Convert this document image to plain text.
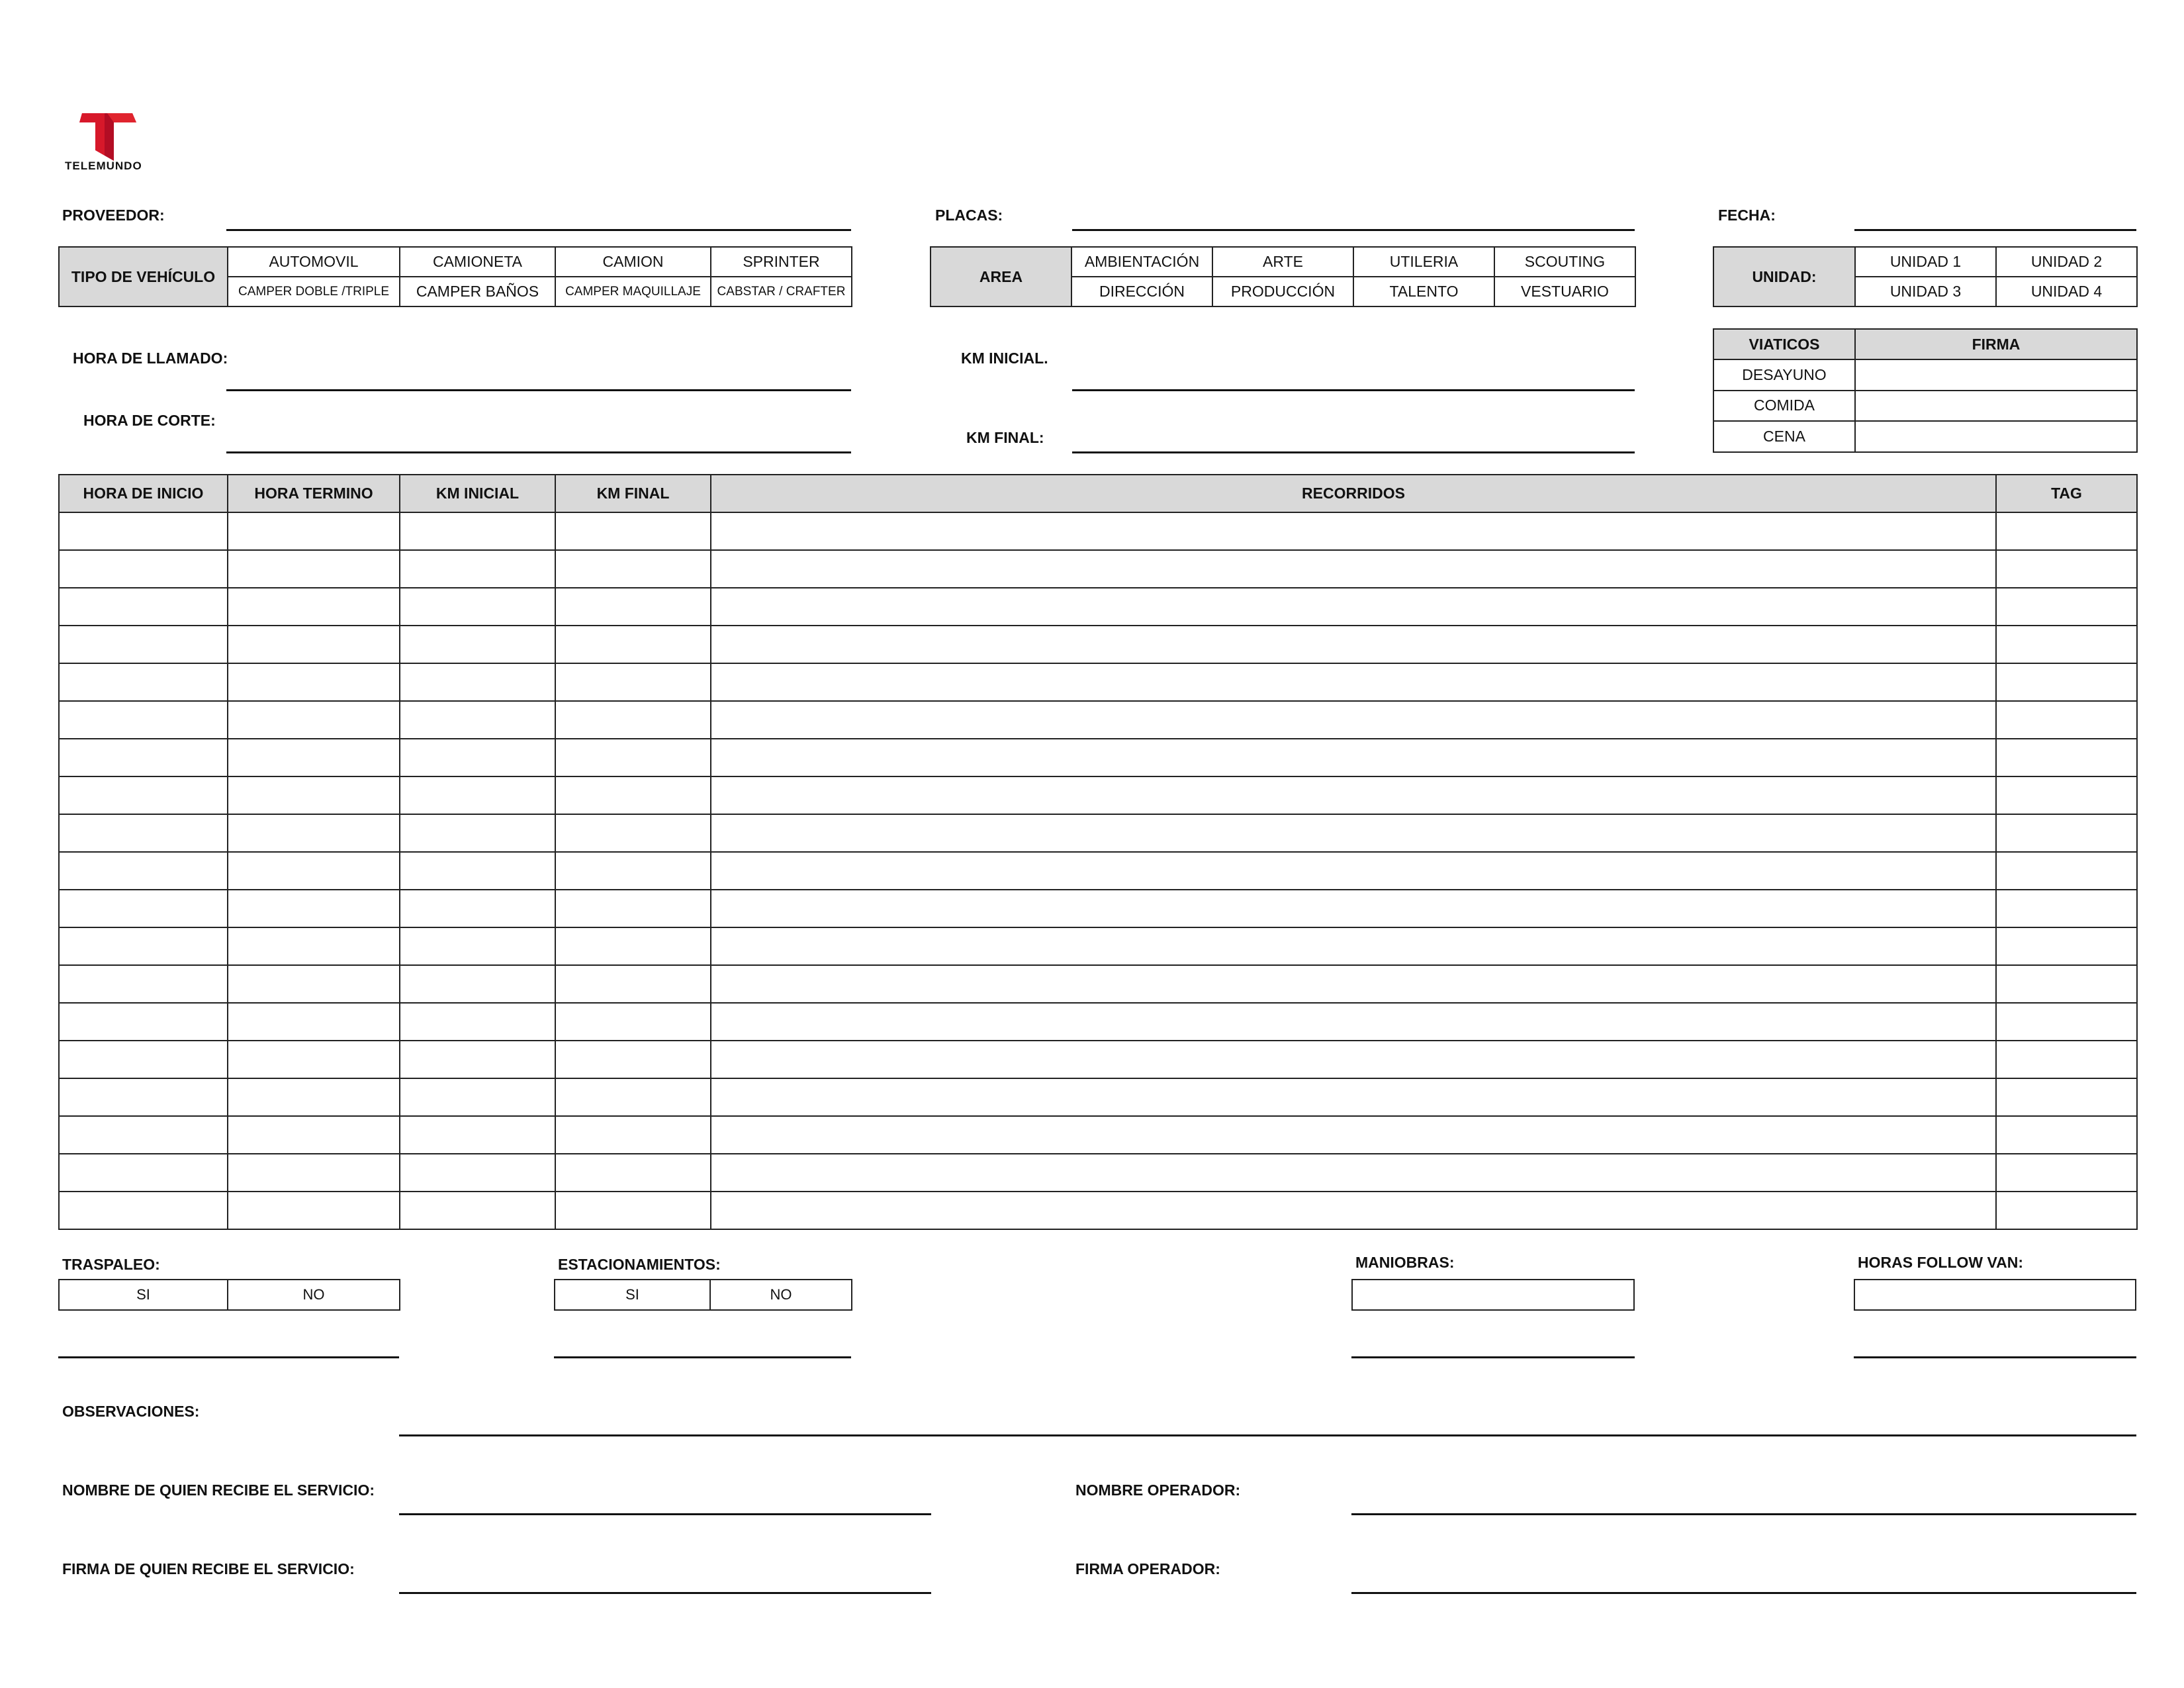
TELEMUNDO
PROVEEDOR:	PLACAS:	FECHA:
TIPO DE VEHÍCULO	AUTOMOVIL	CAMIONETA	CAMION	SPRINTER
	CAMPER DOBLE /TRIPLE	CAMPER BAÑOS	CAMPER MAQUILLAJE	CABSTAR / CRAFTER
AREA	AMBIENTACIÓN	ARTE	UTILERIA	SCOUTING
	DIRECCIÓN	PRODUCCIÓN	TALENTO	VESTUARIO
UNIDAD:	UNIDAD 1	UNIDAD 2
	UNIDAD 3	UNIDAD 4
HORA DE LLAMADO:
HORA DE CORTE:
KM INICIAL.
KM FINAL:
VIATICOS	FIRMA
DESAYUNO	
COMIDA	
CENA	
HORA DE INICIO	HORA TERMINO	KM INICIAL	KM FINAL	RECORRIDOS	TAG

TRASPALEO:
SI	NO
ESTACIONAMIENTOS:
SI	NO
MANIOBRAS:	HORAS FOLLOW VAN:
OBSERVACIONES:
NOMBRE DE QUIEN RECIBE EL SERVICIO:	NOMBRE OPERADOR:
FIRMA DE QUIEN RECIBE EL SERVICIO:	FIRMA OPERADOR:
